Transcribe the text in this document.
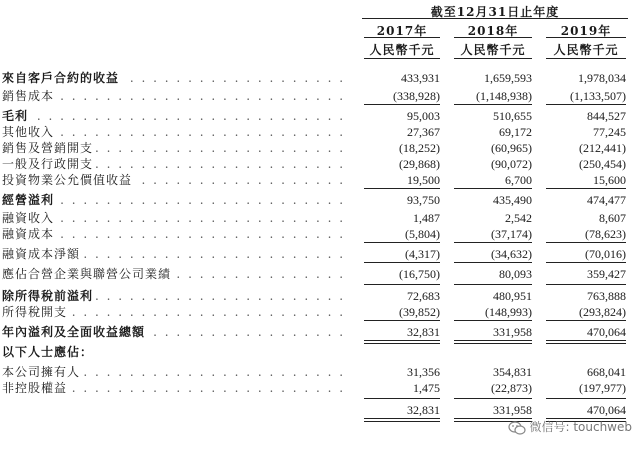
截至12月31日止年度
2017年	2018年	2019年
人民幣千元	人民幣千元	人民幣千元
. . .
來自客戶合約的收益	433,931	1,659,593	1,978,034
. . .
銷售成本	(338,928)	(1,148,938)	(1,133,507)
. . .
毛利	95,003	510,655	844,527
. . .
其他收入	27,367	69,172	77,245
. . .
銷售及營銷開支	(18,252)	(60,965)	(212,441)
. . .
一般及行政開支	(29,868)	(90,072)	(250,454)
. . .
投資物業公允價值收益	19,500	6,700	15,600
. . .
經營溢利	93,750	435,490	474,477
. . .
融資收入	1,487	2,542	8,607
. . .
融資成本	(5,804)	(37,174)	(78,623)
. . .
融資成本淨額	(4,317)	(34,632)	(70,016)
. . .
應佔合營企業與聯營公司業績	(16,750)	80,093	359,427
. . .
除所得稅前溢利	72,683	480,951	763,888
. . .
所得稅開支	(39,852)	(148,993)	(293,824)
. . .
年內溢利及全面收益總額	32,831	331,958	470,064
以下人士應佔：
. . .
本公司擁有人	31,356	354,831	668,041
. . .
非控股權益	1,475	(22,873)	(197,977)
32,831	331,958	470,064
微信号: touchweb
